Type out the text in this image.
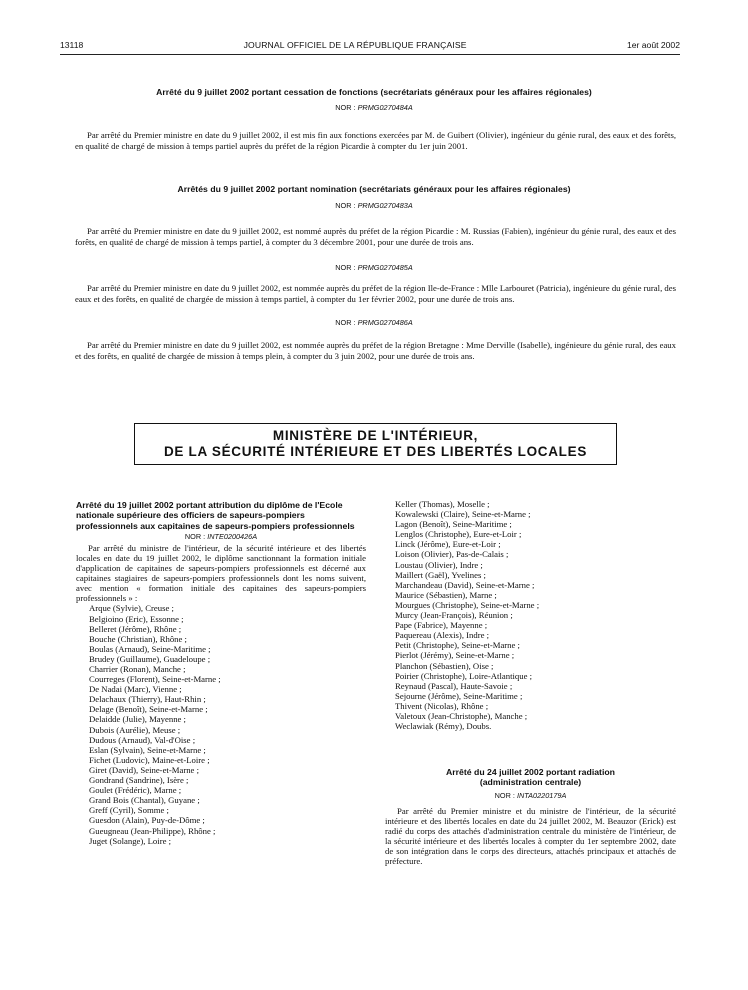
13118	JOURNAL OFFICIEL DE LA RÉPUBLIQUE FRANÇAISE	1er août 2002
Arrêté du 9 juillet 2002 portant cessation de fonctions (secrétariats généraux pour les affaires régionales)
NOR : PRMG0270484A

Par arrêté du Premier ministre en date du 9 juillet 2002, il est mis fin aux fonctions exercées par M. de Guibert (Olivier), ingénieur du génie rural, des eaux et des forêts, en qualité de chargé de mission à temps partiel auprès du préfet de la région Picardie à compter du 1er juin 2001.

Arrêtés du 9 juillet 2002 portant nomination (secrétariats généraux pour les affaires régionales)
NOR : PRMG0270483A

Par arrêté du Premier ministre en date du 9 juillet 2002, est nommé auprès du préfet de la région Picardie : M. Russias (Fabien), ingénieur du génie rural, des eaux et des forêts, en qualité de chargé de mission à temps partiel, à compter du 3 décembre 2001, pour une durée de trois ans.

NOR : PRMG0270485A

Par arrêté du Premier ministre en date du 9 juillet 2002, est nommée auprès du préfet de la région Ile-de-France : Mlle Larbouret (Patricia), ingénieure du génie rural, des eaux et des forêts, en qualité de chargée de mission à temps partiel, à compter du 1er février 2002, pour une durée de trois ans.

NOR : PRMG0270486A

Par arrêté du Premier ministre en date du 9 juillet 2002, est nommée auprès du préfet de la région Bretagne : Mme Derville (Isabelle), ingénieure du génie rural, des eaux et des forêts, en qualité de chargée de mission à temps plein, à compter du 3 juin 2002, pour une durée de trois ans.

MINISTÈRE DE L'INTÉRIEUR,
DE LA SÉCURITÉ INTÉRIEURE ET DES LIBERTÉS LOCALES
Arrêté du 19 juillet 2002 portant attribution du diplôme de l'Ecole nationale supérieure des officiers de sapeurs-pompiers professionnels aux capitaines de sapeurs-pompiers professionnels
NOR : INTE0200426A

Par arrêté du ministre de l'intérieur, de la sécurité intérieure et des libertés locales en date du 19 juillet 2002, le diplôme sanctionnant la formation initiale d'application de capitaines de sapeurs-pompiers professionnels est décerné aux capitaines stagiaires de sapeurs-pompiers professionnels dont les noms suivent, avec mention « formation initiale des capitaines des sapeurs-pompiers professionnels » :

Arque (Sylvie), Creuse ;
Belgioino (Eric), Essonne ;
Belleret (Jérôme), Rhône ;
Bouche (Christian), Rhône ;
Boulas (Arnaud), Seine-Maritime ;
Brudey (Guillaume), Guadeloupe ;
Charrier (Ronan), Manche ;
Courreges (Florent), Seine-et-Marne ;
De Nadai (Marc), Vienne ;
Delachaux (Thierry), Haut-Rhin ;
Delage (Benoît), Seine-et-Marne ;
Delaidde (Julie), Mayenne ;
Dubois (Aurélie), Meuse ;
Dudous (Arnaud), Val-d'Oise ;
Eslan (Sylvain), Seine-et-Marne ;
Fichet (Ludovic), Maine-et-Loire ;
Giret (David), Seine-et-Marne ;
Gondrand (Sandrine), Isère ;
Goulet (Frédéric), Marne ;
Grand Bois (Chantal), Guyane ;
Greff (Cyril), Somme ;
Guesdon (Alain), Puy-de-Dôme ;
Gueugneau (Jean-Philippe), Rhône ;
Juget (Solange), Loire ;
Keller (Thomas), Moselle ;
Kowalewski (Claire), Seine-et-Marne ;
Lagon (Benoît), Seine-Maritime ;
Lenglos (Christophe), Eure-et-Loir ;
Linck (Jérôme), Eure-et-Loir ;
Loison (Olivier), Pas-de-Calais ;
Loustau (Olivier), Indre ;
Maillert (Gaël), Yvelines ;
Marchandeau (David), Seine-et-Marne ;
Maurice (Sébastien), Marne ;
Mourgues (Christophe), Seine-et-Marne ;
Murcy (Jean-François), Réunion ;
Pape (Fabrice), Mayenne ;
Paquereau (Alexis), Indre ;
Petit (Christophe), Seine-et-Marne ;
Pierlot (Jérémy), Seine-et-Marne ;
Planchon (Sébastien), Oise ;
Poirier (Christophe), Loire-Atlantique ;
Reynaud (Pascal), Haute-Savoie ;
Sejourne (Jérôme), Seine-Maritime ;
Thivent (Nicolas), Rhône ;
Valetoux (Jean-Christophe), Manche ;
Weclawiak (Rémy), Doubs.
Arrêté du 24 juillet 2002 portant radiation
(administration centrale)
NOR : INTA0220179A

Par arrêté du Premier ministre et du ministre de l'intérieur, de la sécurité intérieure et des libertés locales en date du 24 juillet 2002, M. Beauzor (Erick) est radié du corps des attachés d'administration centrale du ministère de l'intérieur, de la sécurité intérieure et des libertés locales à compter du 1er septembre 2002, date de son intégration dans le corps des directeurs, attachés principaux et attachés de préfecture.
